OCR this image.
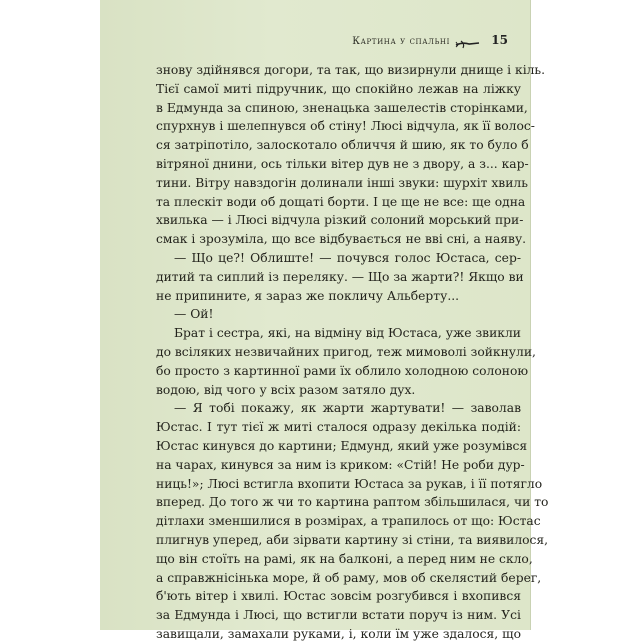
Картина у спальні	15
знову здійнявся догори, та так, що визирнули днище і кіль.
Тієї самої миті підручник, що спокійно лежав на ліжку
в Едмунда за спиною, зненацька зашелестів сторінками,
спурхнув і шелепнувся об стіну! Люсі відчула, як її волос-
ся затріпотіло, залоскотало обличчя й шию, як то було б
вітряної днини, ось тільки вітер дув не з двору, а з... кар-
тини. Вітру навздогін долинали інші звуки: шурхіт хвиль
та плескіт води об дощаті борти. І це ще не все: ще одна
хвилька — і Люсі відчула різкий солоний морський при-
смак і зрозуміла, що все відбувається не вві сні, а наяву.
— Що це?! Облиште! — почувся голос Юстаса, сер-
дитий та сиплий із переляку. — Що за жарти?! Якщо ви
не припините, я зараз же покличу Альберту...
— Ой!
Брат і сестра, які, на відміну від Юстаса, уже звикли
до всіляких незвичайних пригод, теж мимоволі зойкнули,
бо просто з картинної рами їх облило холодною солоною
водою, від чого у всіх разом затяло дух.
— Я тобі покажу, як жарти жартувати! — заволав
Юстас. І тут тієї ж миті сталося одразу декілька подій:
Юстас кинувся до картини; Едмунд, який уже розумівся
на чарах, кинувся за ним із криком: «Стій! Не роби дур-
ниць!»; Люсі встигла вхопити Юстаса за рукав, і її потягло
вперед. До того ж чи то картина раптом збільшилася, чи то
дітлахи зменшилися в розмірах, а трапилось от що: Юстас
плигнув уперед, аби зірвати картину зі стіни, та виявилося,
що він стоїть на рамі, як на балконі, а перед ним не скло,
а справжнісінька море, й об раму, мов об скелястий берег,
б'ють вітер і хвилі. Юстас зовсім розгубився і вхопився
за Едмунда і Люсі, що встигли встати поруч із ним. Усі
завищали, замахали руками, і, коли їм уже здалося, що
